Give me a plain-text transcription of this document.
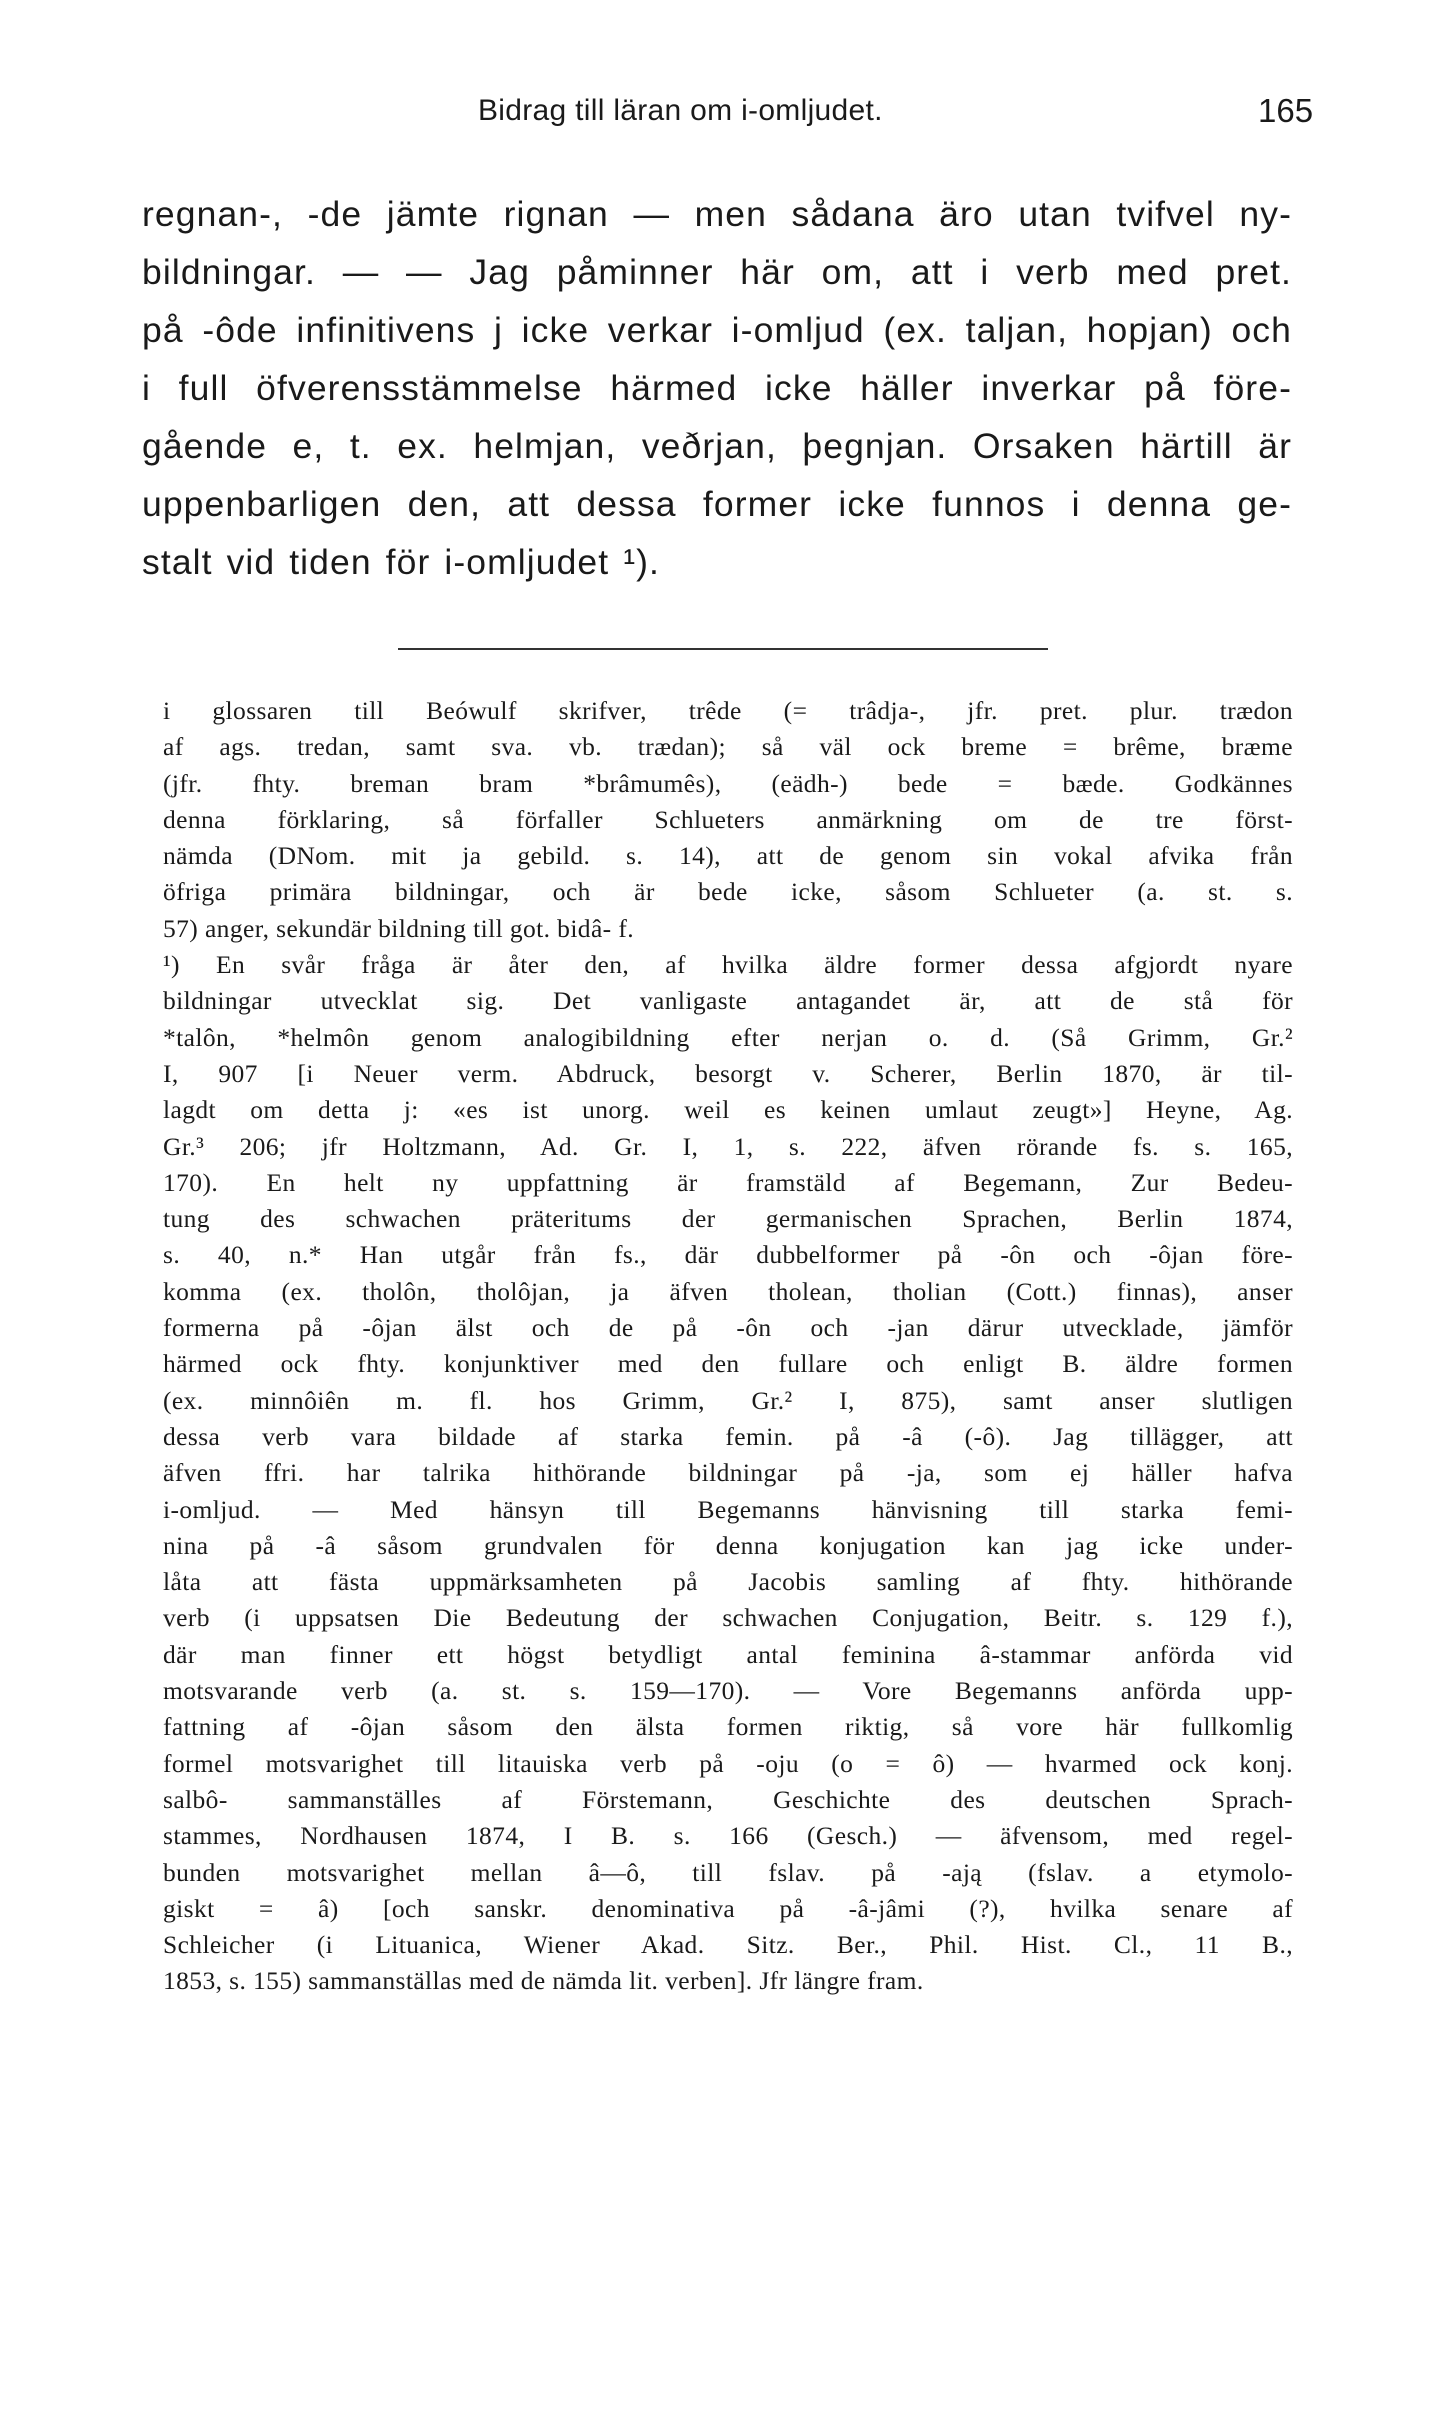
Bidrag till läran om i-omljudet.	165
regnan-, -de jämte rignan — men sådana äro utan tvifvel ny-
bildningar. — — Jag påminner här om, att i verb med pret.
på -ôde infinitivens j icke verkar i-omljud (ex. taljan, hopjan) och
i full öfverensstämmelse härmed icke häller inverkar på före-
gående e, t. ex. helmjan, veðrjan, þegnjan. Orsaken härtill är
uppenbarligen den, att dessa former icke funnos i denna ge-
stalt vid tiden för i-omljudet ¹).
i glossaren till Beówulf skrifver, trêde (= trâdja-, jfr. pret. plur. trædon
af ags. tredan, samt sva. vb. trædan); så väl ock breme = brême, bræme
(jfr. fhty. breman bram *brâmumês), (eädh-) bede = bæde. Godkännes
denna förklaring, så förfaller Schlueters anmärkning om de tre först-
nämda (DNom. mit ja gebild. s. 14), att de genom sin vokal afvika från
öfriga primära bildningar, och är bede icke, såsom Schlueter (a. st. s.
57) anger, sekundär bildning till got. bidâ- f.
¹) En svår fråga är åter den, af hvilka äldre former dessa afgjordt nyare
bildningar utvecklat sig. Det vanligaste antagandet är, att de stå för
*talôn, *helmôn genom analogibildning efter nerjan o. d. (Så Grimm, Gr.²
I, 907 [i Neuer verm. Abdruck, besorgt v. Scherer, Berlin 1870, är til-
lagdt om detta j: «es ist unorg. weil es keinen umlaut zeugt»] Heyne, Ag.
Gr.³ 206; jfr Holtzmann, Ad. Gr. I, 1, s. 222, äfven rörande fs. s. 165,
170). En helt ny uppfattning är framstäld af Begemann, Zur Bedeu-
tung des schwachen präteritums der germanischen Sprachen, Berlin 1874,
s. 40, n.* Han utgår från fs., där dubbelformer på -ôn och -ôjan före-
komma (ex. tholôn, tholôjan, ja äfven tholean, tholian (Cott.) finnas), anser
formerna på -ôjan älst och de på -ôn och -jan därur utvecklade, jämför
härmed ock fhty. konjunktiver med den fullare och enligt B. äldre formen
(ex. minnôiên m. fl. hos Grimm, Gr.² I, 875), samt anser slutligen
dessa verb vara bildade af starka femin. på -â (-ô). Jag tillägger, att
äfven ffri. har talrika hithörande bildningar på -ja, som ej häller hafva
i-omljud. — Med hänsyn till Begemanns hänvisning till starka femi-
nina på -â såsom grundvalen för denna konjugation kan jag icke under-
låta att fästa uppmärksamheten på Jacobis samling af fhty. hithörande
verb (i uppsatsen Die Bedeutung der schwachen Conjugation, Beitr. s. 129 f.),
där man finner ett högst betydligt antal feminina â-stammar anförda vid
motsvarande verb (a. st. s. 159—170). — Vore Begemanns anförda upp-
fattning af -ôjan såsom den älsta formen riktig, så vore här fullkomlig
formel motsvarighet till litauiska verb på -oju (o = ô) — hvarmed ock konj.
salbô- sammanställes af Förstemann, Geschichte des deutschen Sprach-
stammes, Nordhausen 1874, I B. s. 166 (Gesch.) — äfvensom, med regel-
bunden motsvarighet mellan â—ô, till fslav. på -ają (fslav. a etymolo-
giskt = â) [och sanskr. denominativa på -â-jâmi (?), hvilka senare af
Schleicher (i Lituanica, Wiener Akad. Sitz. Ber., Phil. Hist. Cl., 11 B.,
1853, s. 155) sammanställas med de nämda lit. verben]. Jfr längre fram.
